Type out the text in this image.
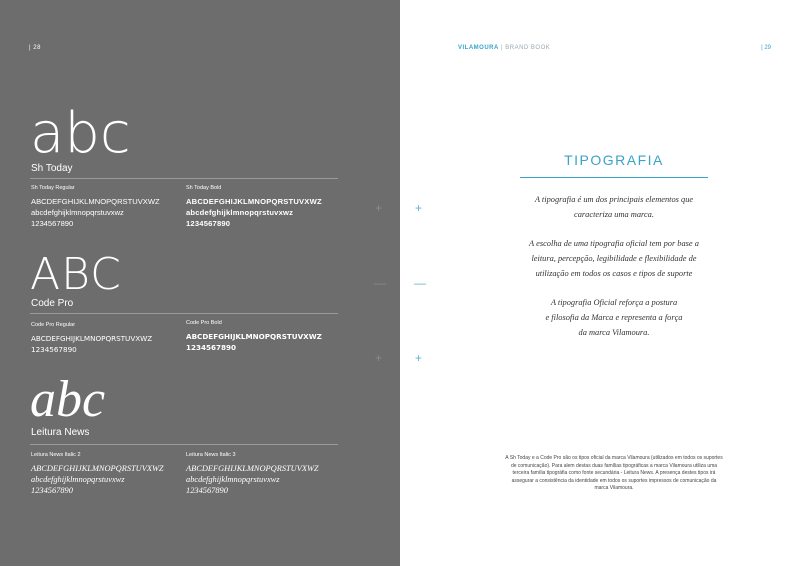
| 28
abc
Sh Today
Sh Today Regular
ABCDEFGHIJKLMNOPQRSTUVXWZ
abcdefghijklmnopqrstuvxwz
1234567890
Sh Today Bold
ABCDEFGHIJKLMNOPQRSTUVXWZ
abcdefghijklmnopqrstuvxwz
1234567890
ABC
Code Pro
Code Pro Regular
ABCDEFGHIJKLMNOPQRSTUVXWZ
1234567890
Code Pro Bold
ABCDEFGHIJKLMNOPQRSTUVXWZ
1234567890
abc
Leitura News
Leitura News Italic 2
ABCDEFGHIJKLMNOPQRSTUVXWZ
abcdefghijklmnopqrstuvxwz
1234567890
Leitura News Italic 3
ABCDEFGHIJKLMNOPQRSTUVXWZ
abcdefghijklmnopqrstuvxwz
1234567890
+
—
+
+
—
+
VILAMOURA | BRAND BOOK	| 29
TIPOGRAFIA
A tipografia é um dos principais elementos que
caracteriza uma marca.
A escolha de uma tipografia oficial tem por base a
leitura, percepção, legibilidade e flexibilidade de
utilização em todos os casos e tipos de suporte
A tipografia Oficial reforça a postura
e filosofia da Marca e representa a força
da marca Vilamoura.
A Sh Today e a Code Pro são os tipos oficial da marca Vilamoura (utilizados em todos os suportes de comunicação). Para alem destas duas famílias tipográficas a marca Vilamoura utiliza uma terceira família tipográfia como fonte secundária - Leitura News. A presença destes tipos irá assegurar a consistência da identidade em todos os suportes impressos de comunicação da marca Vilamoura.
